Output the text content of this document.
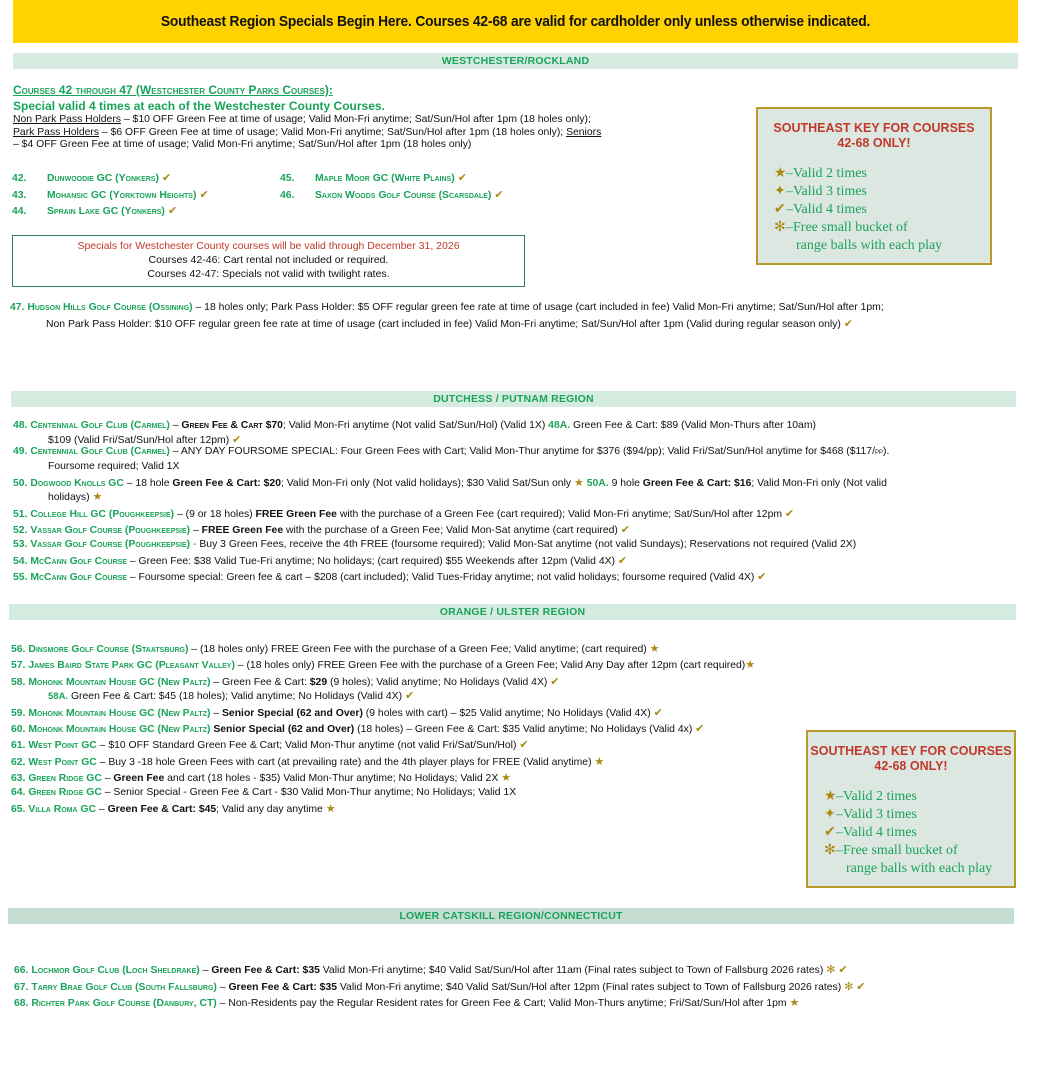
Southeast Region Specials Begin Here. Courses 42-68 are valid for cardholder only unless otherwise indicated.
WESTCHESTER/ROCKLAND
Courses 42 through 47 (Westchester County Parks Courses):
Special valid 4 times at each of the Westchester County Courses.
Non Park Pass Holders – $10 OFF Green Fee at time of usage; Valid Mon-Fri anytime; Sat/Sun/Hol after 1pm (18 holes only);
Park Pass Holders – $6 OFF Green Fee at time of usage; Valid Mon-Fri anytime; Sat/Sun/Hol after 1pm (18 holes only); Seniors
– $4 OFF Green Fee at time of usage; Valid Mon-Fri anytime; Sat/Sun/Hol after 1pm (18 holes only)
42. Dunwoodie GC (Yonkers) ✔
43. Mohansic GC (Yorktown Heights) ✔
44. Sprain Lake GC (Yonkers) ✔
45. Maple Moor GC (White Plains) ✔
46. Saxon Woods Golf Course (Scarsdale) ✔
Specials for Westchester County courses will be valid through December 31, 2026
Courses 42-46: Cart rental not included or required.
Courses 42-47: Specials not valid with twilight rates.
SOUTHEAST KEY FOR COURSES
42-68 ONLY!
★–Valid 2 times
✦–Valid 3 times
✔–Valid 4 times
✻–Free small bucket of
range balls with each play
47. Hudson Hills Golf Course (Ossining) – 18 holes only; Park Pass Holder: $5 OFF regular green fee rate at time of usage (cart included in fee) Valid Mon-Fri anytime; Sat/Sun/Hol after 1pm;
Non Park Pass Holder: $10 OFF regular green fee rate at time of usage (cart included in fee) Valid Mon-Fri anytime; Sat/Sun/Hol after 1pm (Valid during regular season only) ✔
DUTCHESS / PUTNAM REGION
48. Centennial Golf Club (Carmel) – Green Fee & Cart $70; Valid Mon-Fri anytime (Not valid Sat/Sun/Hol) (Valid 1X) 48A. Green Fee & Cart: $89 (Valid Mon-Thurs after 10am)
$109 (Valid Fri/Sat/Sun/Hol after 12pm) ✔
49. Centennial Golf Club (Carmel) – ANY DAY FOURSOME SPECIAL: Four Green Fees with Cart; Valid Mon-Thur anytime for $376 ($94/pp); Valid Fri/Sat/Sun/Hol anytime for $468 ($117/pp).
Foursome required; Valid 1X
50. Dogwood Knolls GC – 18 hole Green Fee & Cart: $20; Valid Mon-Fri only (Not valid holidays); $30 Valid Sat/Sun only ★ 50A. 9 hole Green Fee & Cart: $16; Valid Mon-Fri only (Not valid
holidays) ★
51. College Hill GC (Poughkeepsie) – (9 or 18 holes) FREE Green Fee with the purchase of a Green Fee (cart required); Valid Mon-Fri anytime; Sat/Sun/Hol after 12pm ✔
52. Vassar Golf Course (Poughkeepsie) – FREE Green Fee with the purchase of a Green Fee; Valid Mon-Sat anytime (cart required) ✔
53. Vassar Golf Course (Poughkeepsie) - Buy 3 Green Fees, receive the 4th FREE (foursome required); Valid Mon-Sat anytime (not valid Sundays); Reservations not required (Valid 2X)
54. McCann Golf Course – Green Fee: $38 Valid Tue-Fri anytime; No holidays; (cart required) $55 Weekends after 12pm (Valid 4X) ✔
55. McCann Golf Course – Foursome special: Green fee & cart – $208 (cart included); Valid Tues-Friday anytime; not valid holidays; foursome required (Valid 4X) ✔
ORANGE / ULSTER REGION
56. Dinsmore Golf Course (Staatsburg) – (18 holes only) FREE Green Fee with the purchase of a Green Fee; Valid anytime; (cart required) ★
57. James Baird State Park GC (Pleasant Valley) – (18 holes only) FREE Green Fee with the purchase of a Green Fee; Valid Any Day after 12pm (cart required)★
58. Mohonk Mountain House GC (New Paltz) – Green Fee & Cart: $29 (9 holes); Valid anytime; No Holidays (Valid 4X) ✔
58A. Green Fee & Cart: $45 (18 holes); Valid anytime; No Holidays (Valid 4X) ✔
59. Mohonk Mountain House GC (New Paltz) – Senior Special (62 and Over) (9 holes with cart) – $25 Valid anytime; No Holidays (Valid 4X) ✔
60. Mohonk Mountain House GC (New Paltz) Senior Special (62 and Over) (18 holes) – Green Fee & Cart: $35 Valid anytime; No Holidays (Valid 4x) ✔
61. West Point GC – $10 OFF Standard Green Fee & Cart; Valid Mon-Thur anytime (not valid Fri/Sat/Sun/Hol) ✔
62. West Point GC – Buy 3 -18 hole Green Fees with cart (at prevailing rate) and the 4th player plays for FREE (Valid anytime) ★
63. Green Ridge GC – Green Fee and cart (18 holes - $35) Valid Mon-Thur anytime; No Holidays; Valid 2X ★
64. Green Ridge GC – Senior Special - Green Fee & Cart - $30 Valid Mon-Thur anytime; No Holidays; Valid 1X
65. Villa Roma GC – Green Fee & Cart: $45; Valid any day anytime ★
SOUTHEAST KEY FOR COURSES
42-68 ONLY!
★–Valid 2 times
✦–Valid 3 times
✔–Valid 4 times
✻–Free small bucket of
range balls with each play
LOWER CATSKILL REGION/CONNECTICUT
66. Lochmor Golf Club (Loch Sheldrake) – Green Fee & Cart: $35 Valid Mon-Fri anytime; $40 Valid Sat/Sun/Hol after 11am (Final rates subject to Town of Fallsburg 2026 rates) ✻ ✔
67. Tarry Brae Golf Club (South Fallsburg) – Green Fee & Cart: $35 Valid Mon-Fri anytime; $40 Valid Sat/Sun/Hol after 12pm (Final rates subject to Town of Fallsburg 2026 rates) ✻ ✔
68. Richter Park Golf Course (Danbury, CT) – Non-Residents pay the Regular Resident rates for Green Fee & Cart; Valid Mon-Thurs anytime; Fri/Sat/Sun/Hol after 1pm ★
